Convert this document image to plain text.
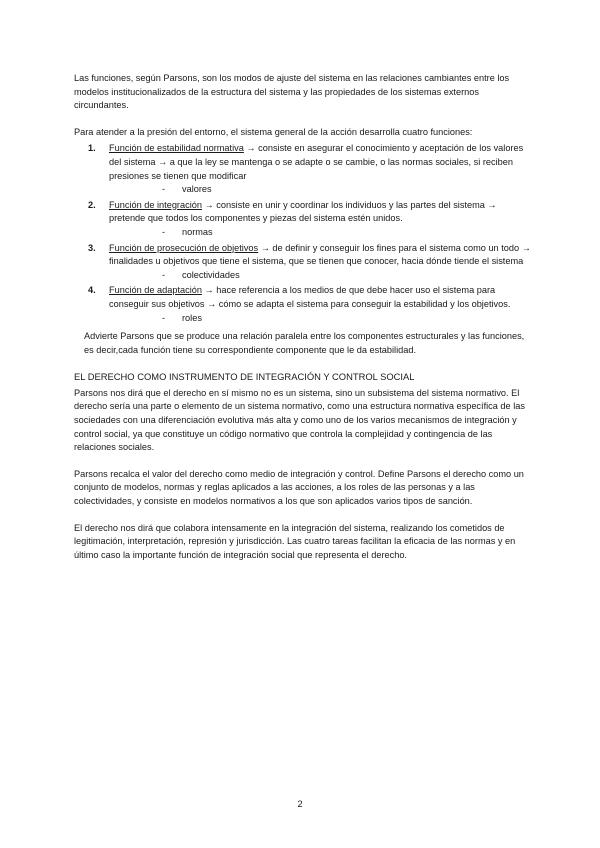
Las funciones, según Parsons, son los modos de ajuste del sistema en las relaciones cambiantes entre los modelos institucionalizados de la estructura del sistema y las propiedades de los sistemas externos circundantes.

Para atender a la presión del entorno, el sistema general de la acción desarrolla cuatro funciones:

1. Función de estabilidad normativa → consiste en asegurar el conocimiento y aceptación de los valores del sistema → a que la ley se mantenga o se adapte o se cambie, o las normas sociales, si reciben presiones se tienen que modificar
- valores
2. Función de integración → consiste en unir y coordinar los individuos y las partes del sistema → pretende que todos los componentes y piezas del sistema estén unidos.
- normas
3. Función de prosecución de objetivos → de definir y conseguir los fines para el sistema como un todo → finalidades u objetivos que tiene el sistema, que se tienen que conocer, hacia dónde tiende el sistema
- colectividades
4. Función de adaptación → hace referencia a los medios de que debe hacer uso el sistema para conseguir sus objetivos → cómo se adapta el sistema para conseguir la estabilidad y los objetivos.
- roles

Advierte Parsons que se produce una relación paralela entre los componentes estructurales y las funciones, es decir,cada función tiene su correspondiente componente que le da estabilidad.

EL DERECHO COMO INSTRUMENTO DE INTEGRACIÓN Y CONTROL SOCIAL

Parsons nos dirá que el derecho en sí mismo no es un sistema, sino un subsistema del sistema normativo. El derecho sería una parte o elemento de un sistema normativo, como una estructura normativa específica de las sociedades con una diferenciación evolutiva más alta y como uno de los varios mecanismos de integración y control social, ya que constituye un código normativo que controla la complejidad y contingencia de las relaciones sociales.

Parsons recalca el valor del derecho como medio de integración y control. Define Parsons el derecho como un conjunto de modelos, normas y reglas aplicados a las acciones, a los roles de las personas y a las colectividades, y consiste en modelos normativos a los que son aplicados varios tipos de sanción.

El derecho nos dirá que colabora intensamente en la integración del sistema, realizando los cometidos de legitimación, interpretación, represión y jurisdicción. Las cuatro tareas facilitan la eficacia de las normas y en último caso la importante función de integración social que representa el derecho.

2
